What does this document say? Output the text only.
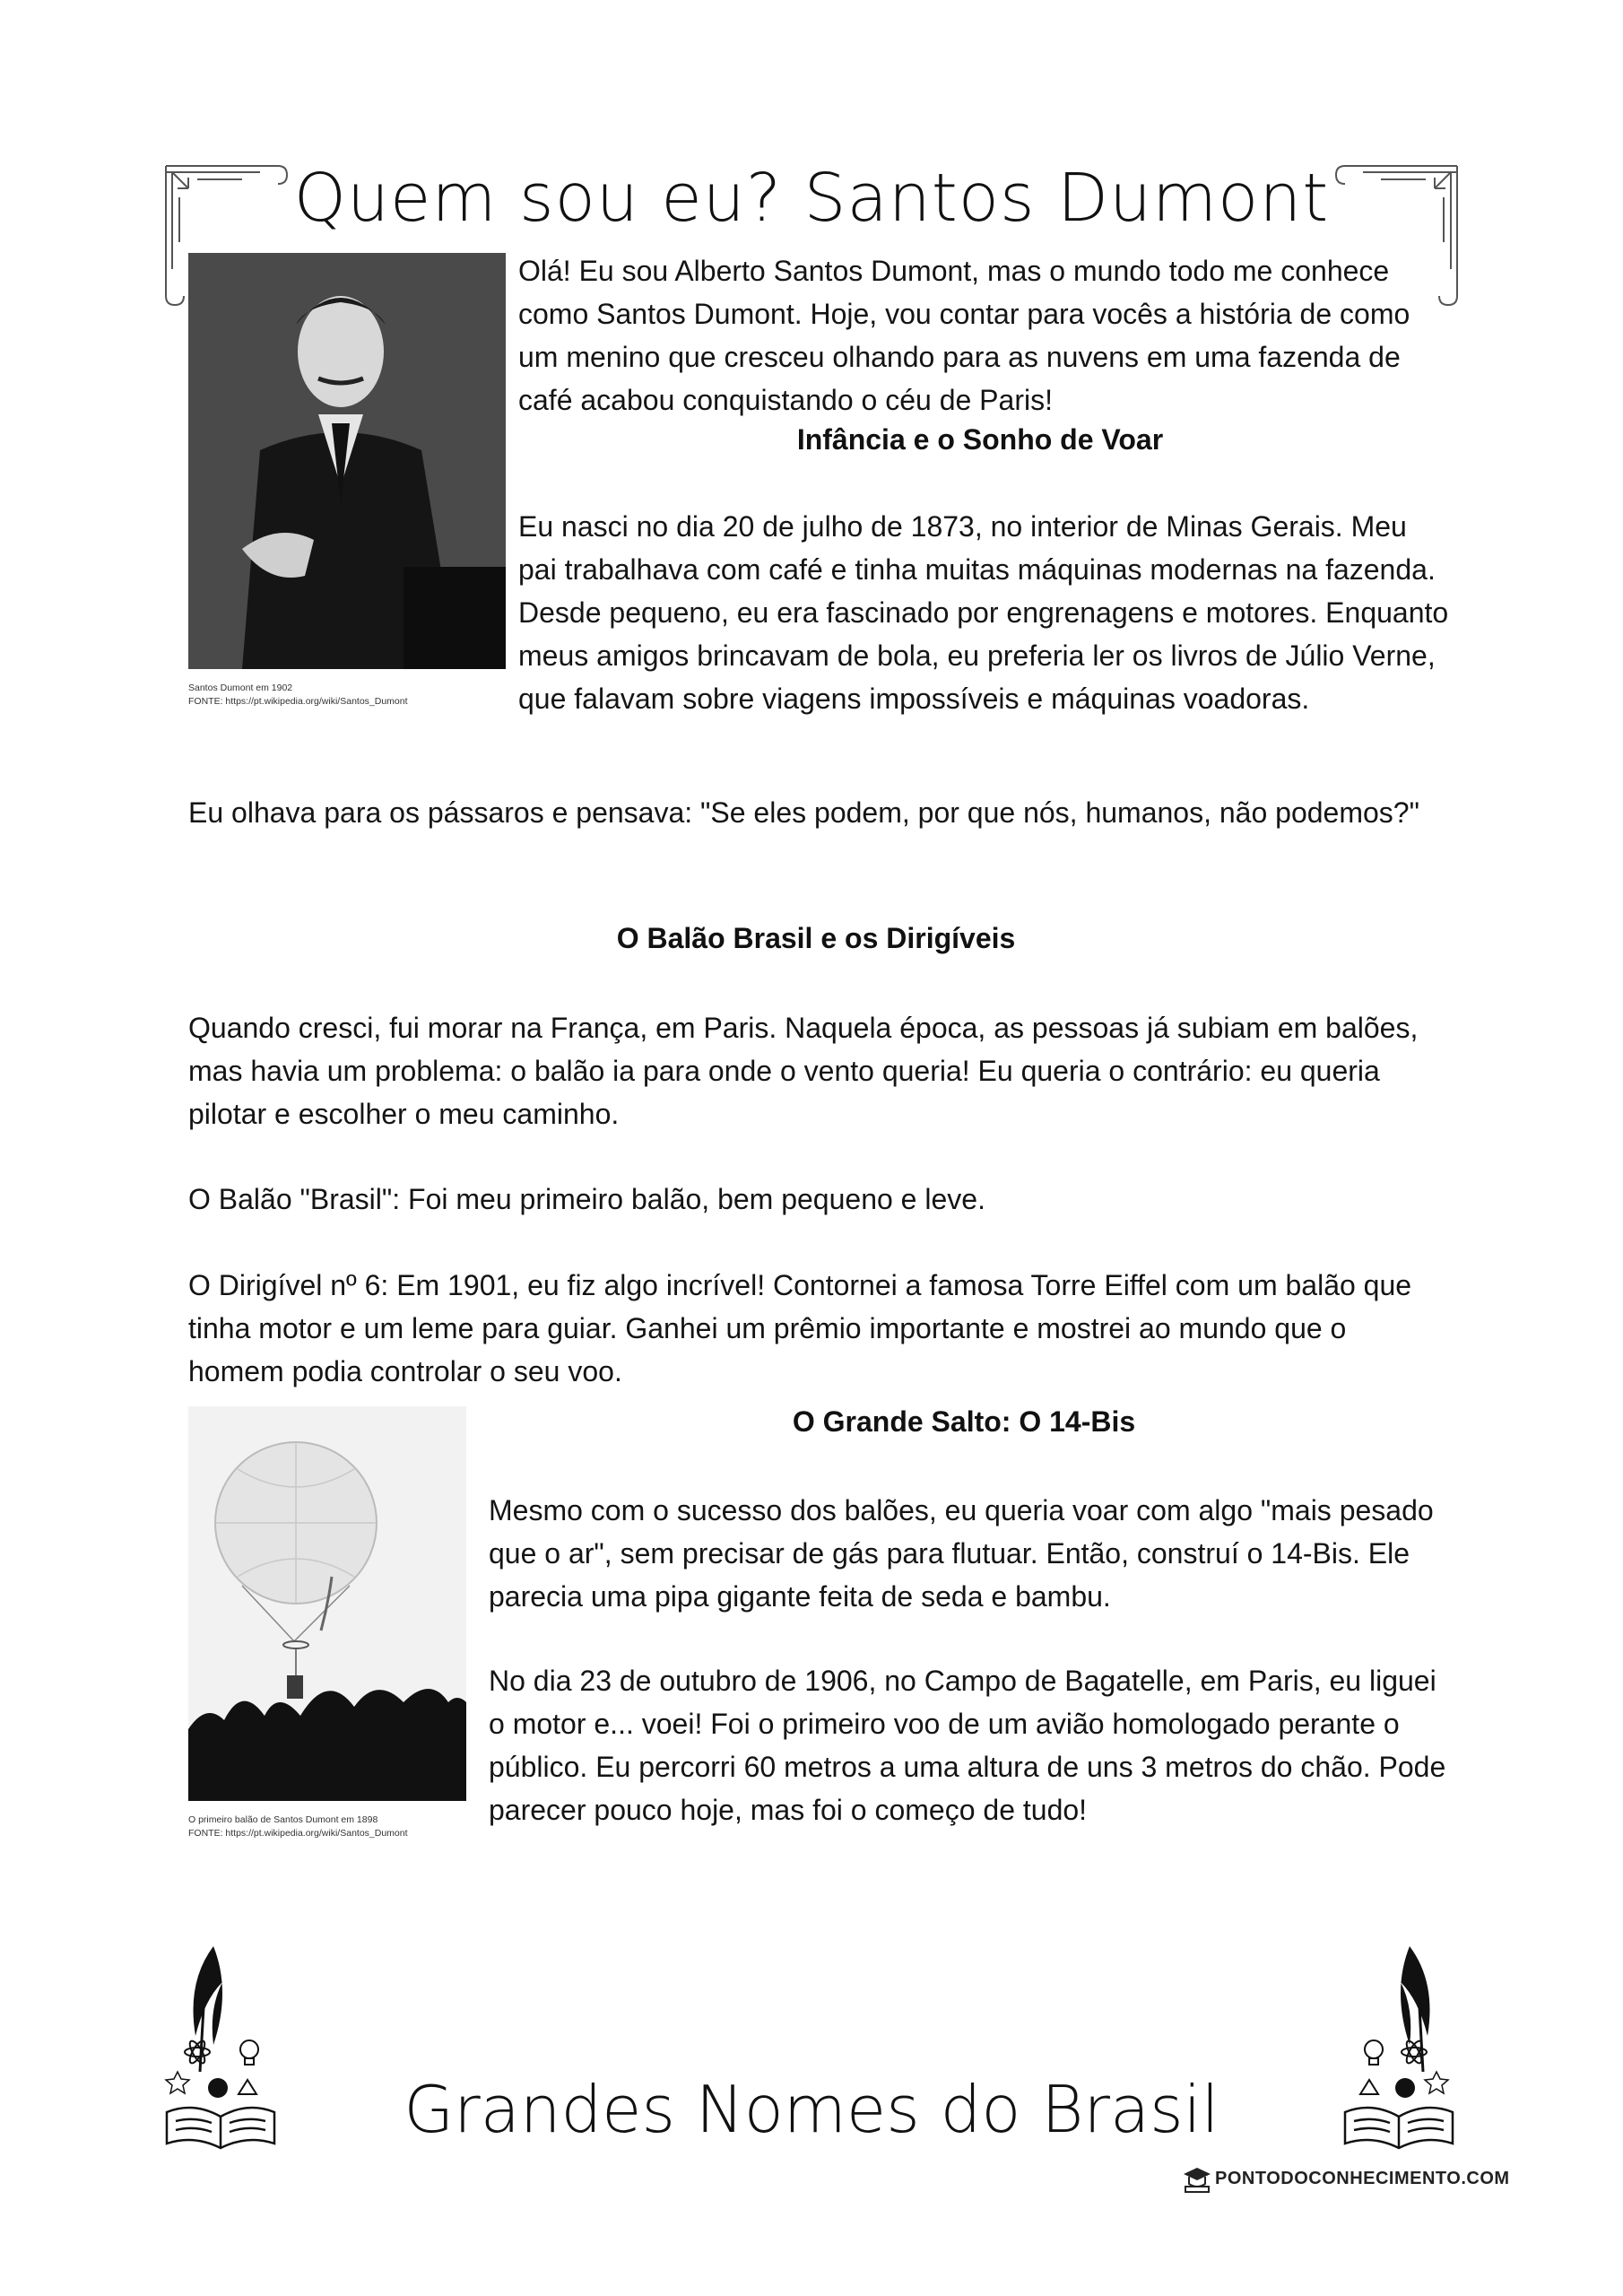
Quem sou eu? Santos Dumont
Santos Dumont em 1902
FONTE: https://pt.wikipedia.org/wiki/Santos_Dumont
Olá! Eu sou Alberto Santos Dumont, mas o mundo todo me conhece como Santos Dumont. Hoje, vou contar para vocês a história de como um menino que cresceu olhando para as nuvens em uma fazenda de café acabou conquistando o céu de Paris!
Infância e o Sonho de Voar
Eu nasci no dia 20 de julho de 1873, no interior de Minas Gerais. Meu pai trabalhava com café e tinha muitas máquinas modernas na fazenda. Desde pequeno, eu era fascinado por engrenagens e motores. Enquanto meus amigos brincavam de bola, eu preferia ler os livros de Júlio Verne, que falavam sobre viagens impossíveis e máquinas voadoras.
Eu olhava para os pássaros e pensava: "Se eles podem, por que nós, humanos, não podemos?"
O Balão Brasil e os Dirigíveis
Quando cresci, fui morar na França, em Paris. Naquela época, as pessoas já subiam em balões, mas havia um problema: o balão ia para onde o vento queria! Eu queria o contrário: eu queria pilotar e escolher o meu caminho.
O Balão "Brasil": Foi meu primeiro balão, bem pequeno e leve.
O Dirigível nº 6: Em 1901, eu fiz algo incrível! Contornei a famosa Torre Eiffel com um balão que tinha motor e um leme para guiar. Ganhei um prêmio importante e mostrei ao mundo que o homem podia controlar o seu voo.
O primeiro balão de Santos Dumont em 1898
FONTE: https://pt.wikipedia.org/wiki/Santos_Dumont
O Grande Salto: O 14-Bis
Mesmo com o sucesso dos balões, eu queria voar com algo "mais pesado que o ar", sem precisar de gás para flutuar. Então, construí o 14-Bis. Ele parecia uma pipa gigante feita de seda e bambu.
No dia 23 de outubro de 1906, no Campo de Bagatelle, em Paris, eu liguei o motor e... voei! Foi o primeiro voo de um avião homologado perante o público. Eu percorri 60 metros a uma altura de uns 3 metros do chão. Pode parecer pouco hoje, mas foi o começo de tudo!
Grandes Nomes do Brasil
PONTODOCONHECIMENTO.COM
